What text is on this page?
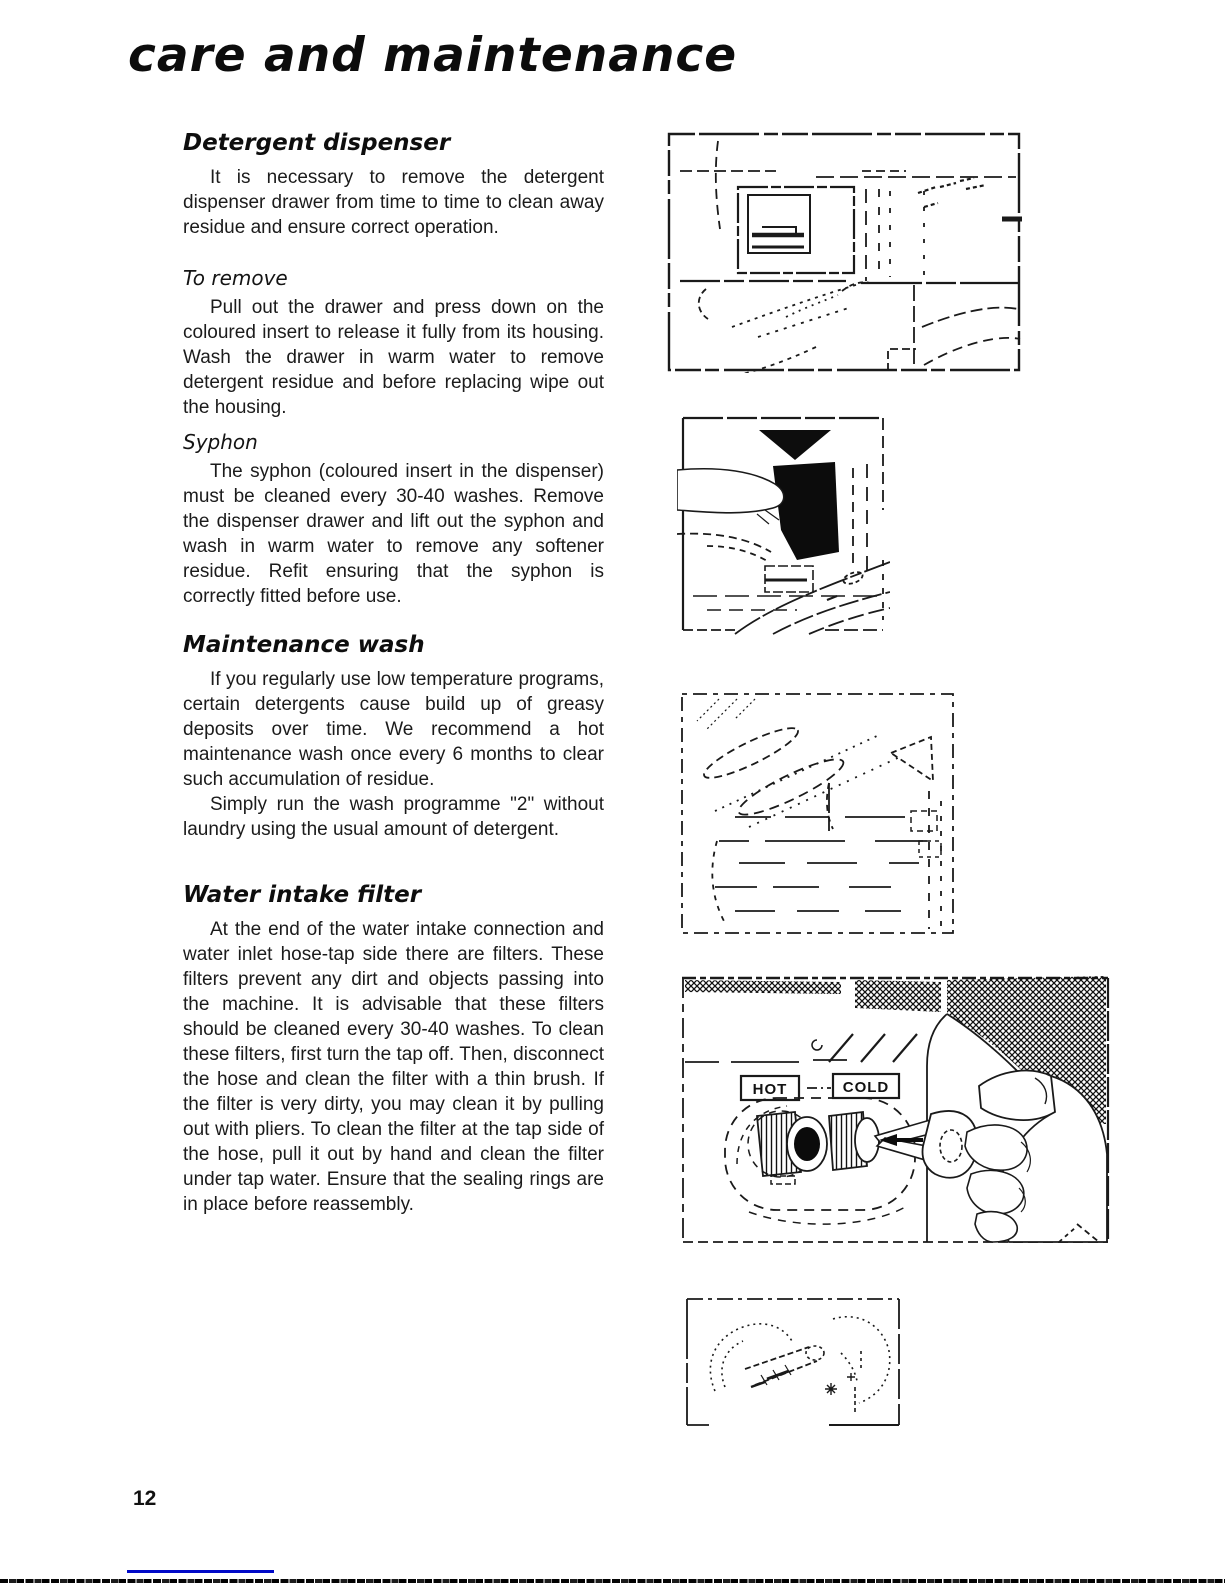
care and maintenance
Detergent dispenser

It is necessary to remove the detergent dispenser drawer from time to time to clean away residue and ensure correct operation.

To remove

Pull out the drawer and press down on the coloured insert to release it fully from its housing. Wash the drawer in warm water to remove detergent residue and before replacing wipe out the housing.

Syphon

The syphon (coloured insert in the dispenser) must be cleaned every 30-40 washes. Remove the dispenser drawer and lift out the syphon and wash in warm water to remove any softener residue. Refit ensuring that the syphon is correctly fitted before use.

Maintenance wash

If you regularly use low temperature programs, certain detergents cause build up of greasy deposits over time. We recommend a hot maintenance wash once every 6 months to clear such accumulation of residue.

Simply run the wash programme "2" without laundry using the usual amount of detergent.

Water intake filter

At the end of the water intake connection and water inlet hose-tap side there are filters. These filters prevent any dirt and objects passing into the machine. It is advisable that these filters should be cleaned every 30-40 washes. To clean these filters, first turn the tap off. Then, disconnect the hose and clean the filter with a thin brush. If the filter is very dirty, you may clean it by pulling out with pliers. To clean the filter at the tap side of the hose, pull it out by hand and clean the filter under tap water. Ensure that the sealing rings are in place before reassembly.

HOT	COLD
12
